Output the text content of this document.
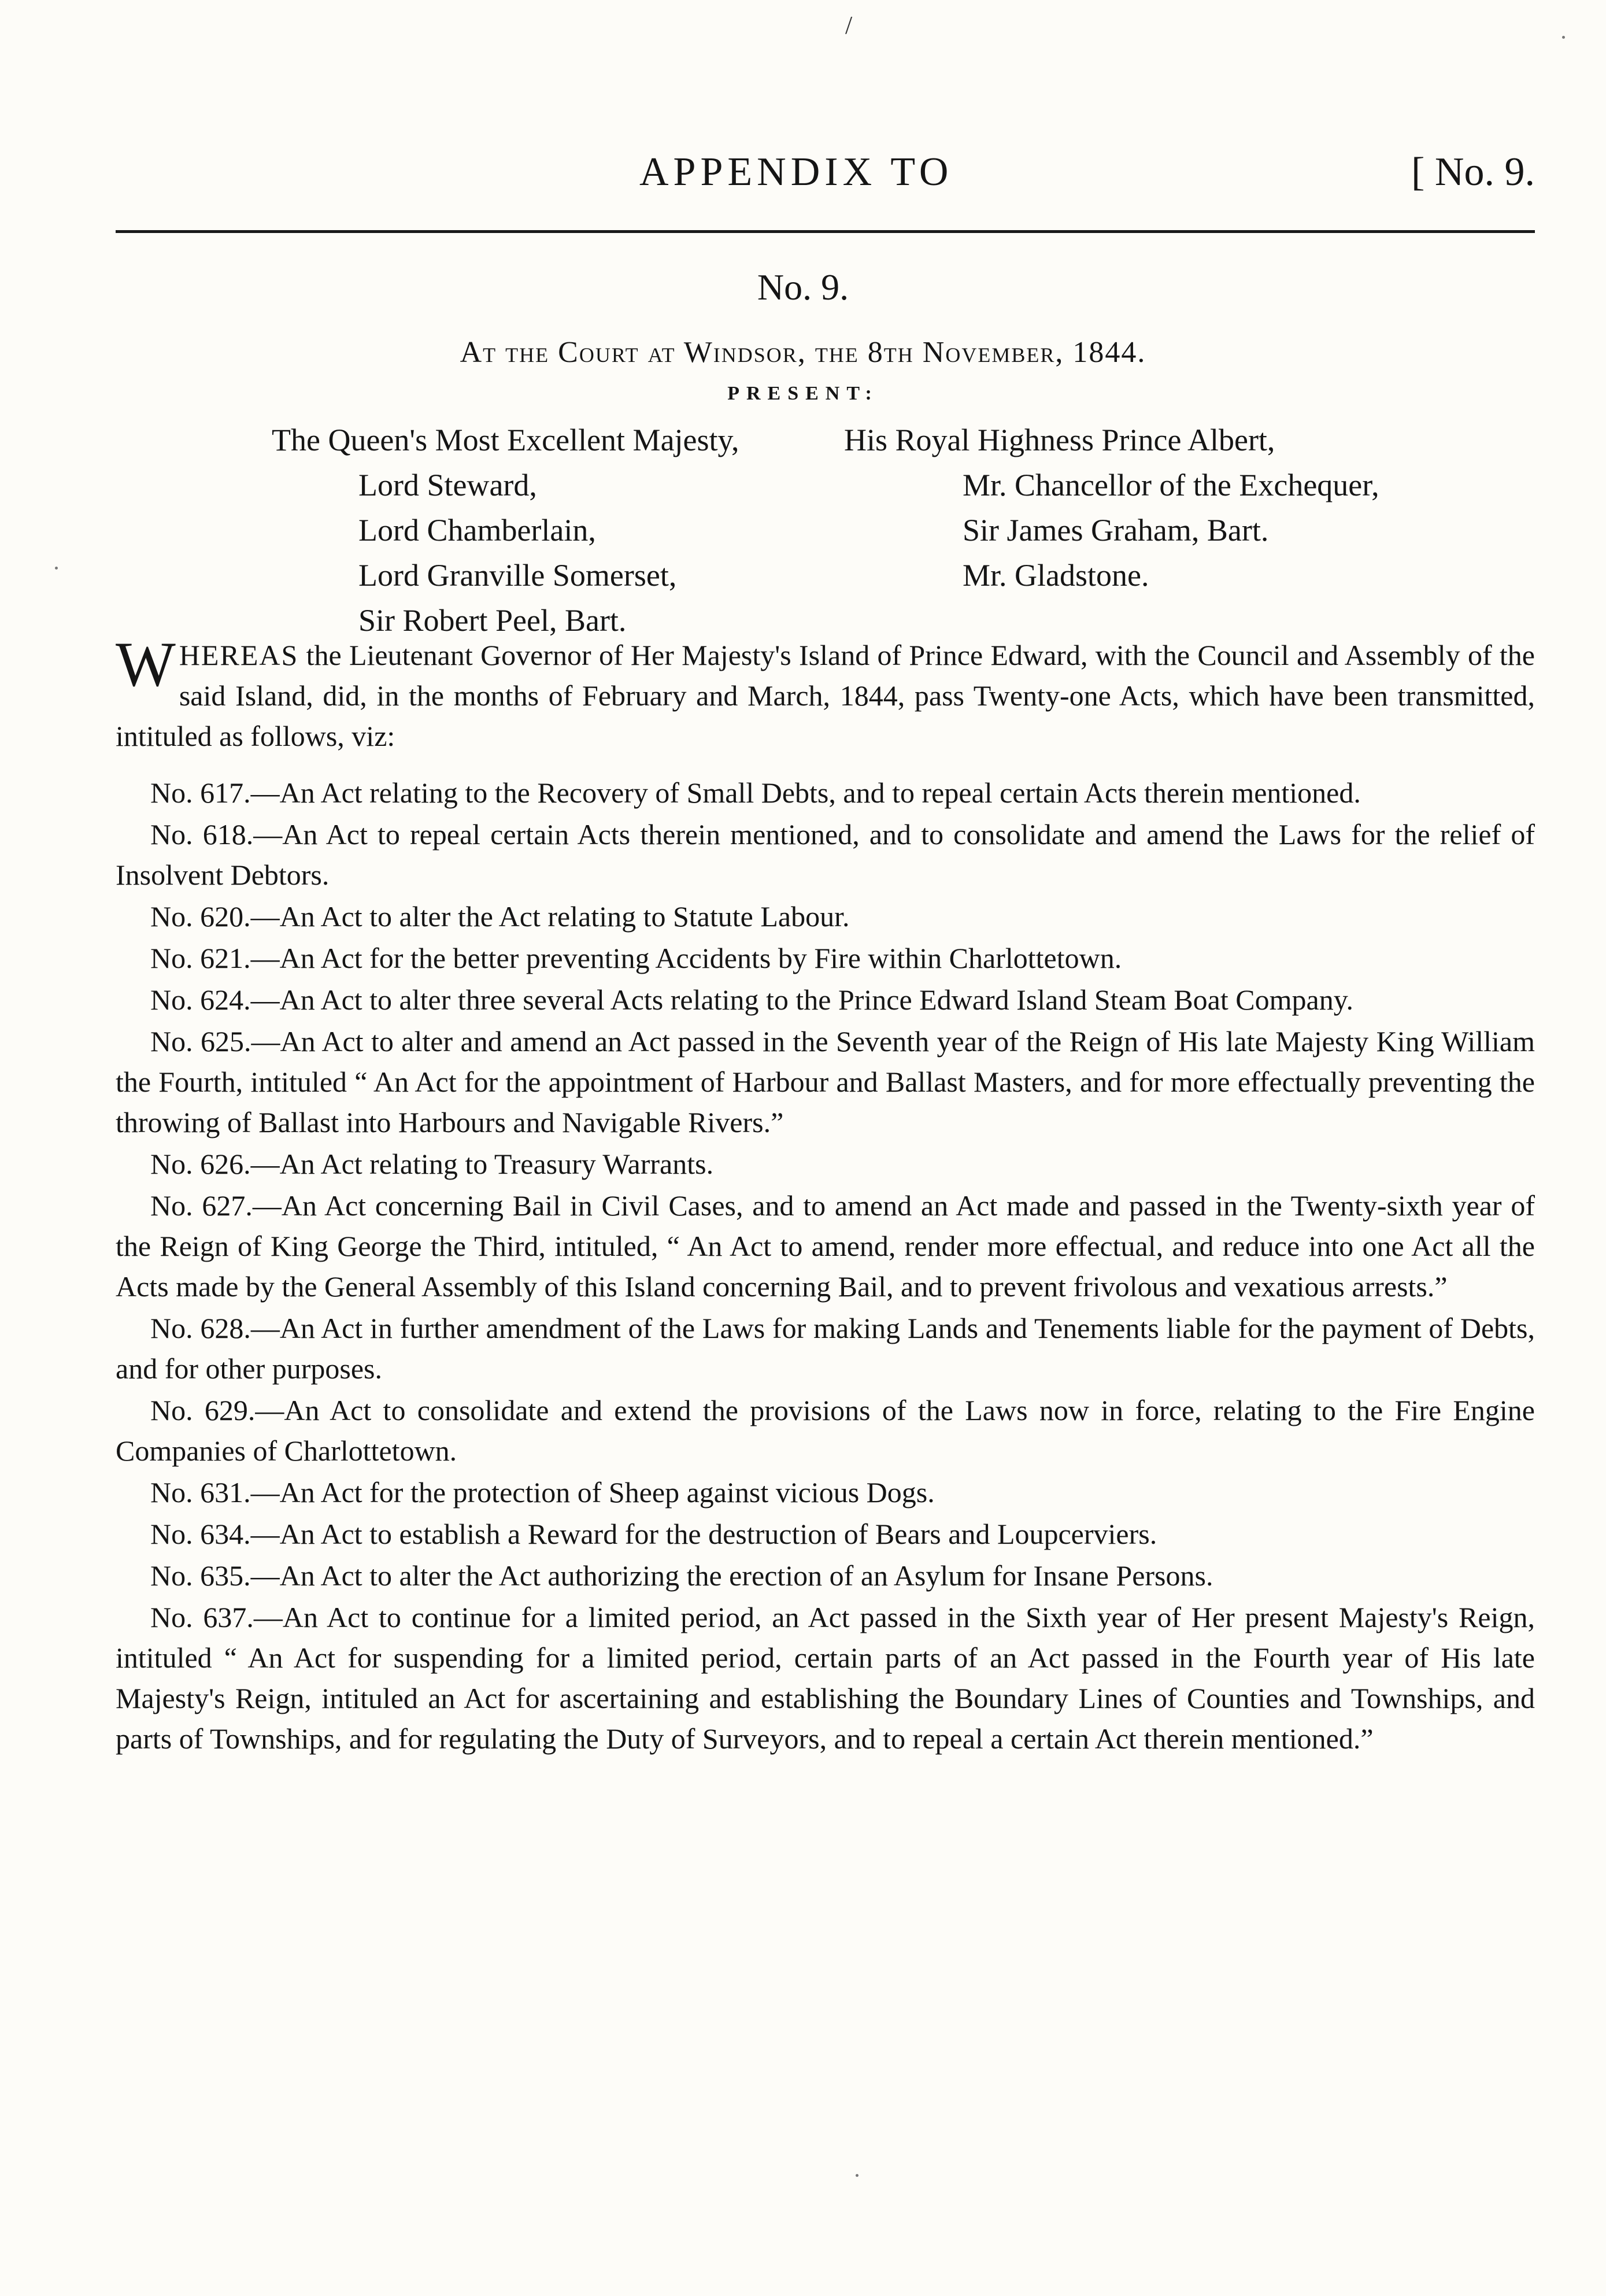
/
APPENDIX TO	[ No. 9.
No. 9.
At the Court at Windsor, the 8th November, 1844.
PRESENT:
The Queen's Most Excellent Majesty,
Lord Steward,
Lord Chamberlain,
Lord Granville Somerset,
Sir Robert Peel, Bart.
His Royal Highness Prince Albert,
Mr. Chancellor of the Exchequer,
Sir James Graham, Bart.
Mr. Gladstone.
W HEREAS the Lieutenant Governor of Her Majesty's Island of Prince Edward, with the Council and Assembly of the said Island, did, in the months of February and March, 1844, pass Twenty-one Acts, which have been transmitted, intituled as follows, viz:

No. 617.—An Act relating to the Recovery of Small Debts, and to repeal certain Acts therein mentioned.

No. 618.—An Act to repeal certain Acts therein mentioned, and to consolidate and amend the Laws for the relief of Insolvent Debtors.

No. 620.—An Act to alter the Act relating to Statute Labour.

No. 621.—An Act for the better preventing Accidents by Fire within Charlottetown.

No. 624.—An Act to alter three several Acts relating to the Prince Edward Island Steam Boat Company.

No. 625.—An Act to alter and amend an Act passed in the Seventh year of the Reign of His late Majesty King William the Fourth, intituled “ An Act for the appointment of Harbour and Ballast Masters, and for more effectually preventing the throwing of Ballast into Harbours and Navigable Rivers.”

No. 626.—An Act relating to Treasury Warrants.

No. 627.—An Act concerning Bail in Civil Cases, and to amend an Act made and passed in the Twenty-sixth year of the Reign of King George the Third, intituled, “ An Act to amend, render more effectual, and reduce into one Act all the Acts made by the General Assembly of this Island concerning Bail, and to prevent frivolous and vexatious arrests.”

No. 628.—An Act in further amendment of the Laws for making Lands and Tenements liable for the payment of Debts, and for other purposes.

No. 629.—An Act to consolidate and extend the provisions of the Laws now in force, relating to the Fire Engine Companies of Charlottetown.

No. 631.—An Act for the protection of Sheep against vicious Dogs.

No. 634.—An Act to establish a Reward for the destruction of Bears and Loupcerviers.

No. 635.—An Act to alter the Act authorizing the erection of an Asylum for Insane Persons.

No. 637.—An Act to continue for a limited period, an Act passed in the Sixth year of Her present Majesty's Reign, intituled “ An Act for suspending for a limited period, certain parts of an Act passed in the Fourth year of His late Majesty's Reign, intituled an Act for ascertaining and establishing the Boundary Lines of Counties and Townships, and parts of Townships, and for regulating the Duty of Surveyors, and to repeal a certain Act therein mentioned.”
